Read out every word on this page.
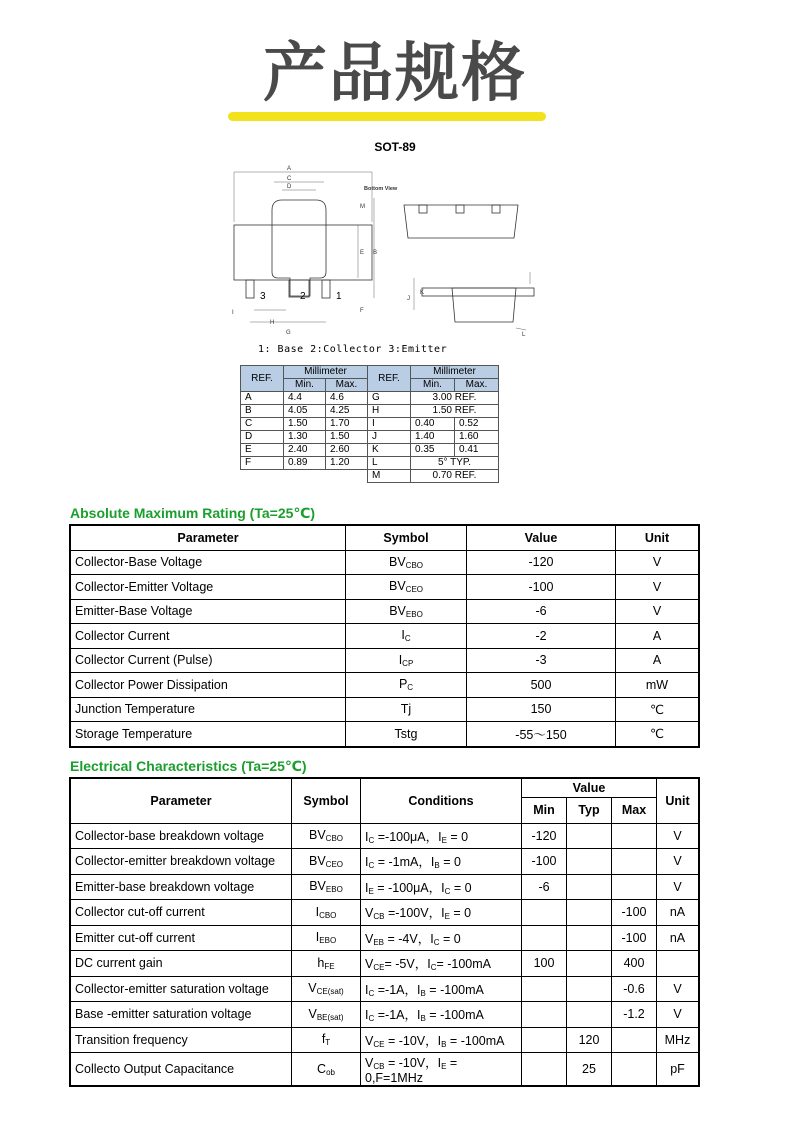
产品规格
SOT-89
A
C
D
M
E B
F
I
H
G
Bottom View
3	2	1	J
K
L
1: Base 2:Collector 3:Emitter
REF.	Millimeter		REF.	Millimeter	
	Min.	Max.		Min.	Max.
A	4.4	4.6	G	3.00 REF.	
B	4.05	4.25	H	1.50 REF.	
C	1.50	1.70	I	0.40	0.52
D	1.30	1.50	J	1.40	1.60
E	2.40	2.60	K	0.35	0.41
F	0.89	1.20	L	5° TYP.	
			M	0.70 REF.	
Absolute Maximum Rating (Ta=25℃)
Parameter	Symbol	Value	Unit
Collector-Base Voltage	$BV_{CBO}$	-120	V
Collector-Emitter Voltage	$BV_{CEO}$	-100	V
Emitter-Base Voltage	$BV_{EBO}$	-6	V
Collector Current	$I_C$	-2	A
Collector Current (Pulse)	$I_{CP}$	-3	A
Collector Power Dissipation	$P_C$	500	mW
Junction Temperature	Tj	150	℃
Storage Temperature	Tstg	-55～150	℃
Electrical Characteristics (Ta=25℃)
Parameter	Symbol	Conditions	Value			Unit
			Min	Typ	Max	
Collector-base breakdown voltage	$BV_{CBO}$	$I_C =-100\mu A$，$I_E = 0$	-120			V
Collector-emitter breakdown voltage	$BV_{CEO}$	$I_C = -1mA$，$I_B = 0$	-100			V
Emitter-base breakdown voltage	$BV_{EBO}$	$I_E = -100\mu A$，$I_C = 0$	-6			V
Collector cut-off current	$I_{CBO}$	$V_{CB} =-100V$，$I_E = 0$			-100	nA
Emitter cut-off current	$I_{EBO}$	$V_{EB} = -4V$，$I_C = 0$			-100	nA
DC current gain	$h_{FE}$	$V_{CE}= -5V$，$I_C= -100mA$	100		400	
Collector-emitter saturation voltage	$V_{CE(sat)}$	$I_C =-1A$，$I_B = -100mA$			-0.6	V
Base -emitter saturation voltage	$V_{BE(sat)}$	$I_C =-1A$，$I_B = -100mA$			-1.2	V
Transition frequency	$f_T$	$V_{CE} = -10V$，$I_B = -100mA$		120		MHz
Collecto Output Capacitance	$C_{ob}$	$V_{CB} = -10V$，$I_E = 0,F=1MHz$		25		pF
